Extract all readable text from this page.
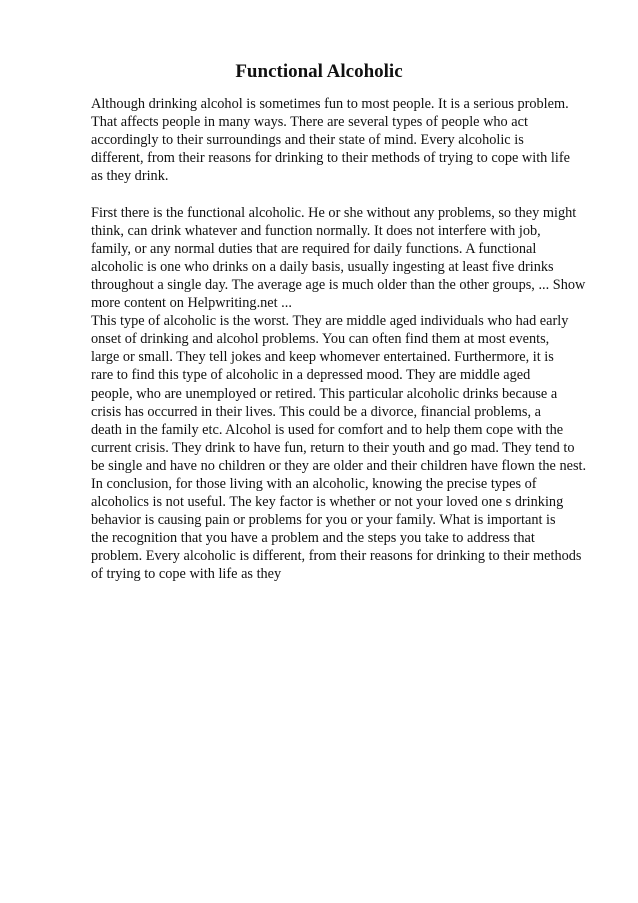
Functional Alcoholic
Although drinking alcohol is sometimes fun to most people. It is a serious problem.
That affects people in many ways. There are several types of people who act
accordingly to their surroundings and their state of mind. Every alcoholic is
different, from their reasons for drinking to their methods of trying to cope with life
as they drink.
First there is the functional alcoholic. He or she without any problems, so they might
think, can drink whatever and function normally. It does not interfere with job,
family, or any normal duties that are required for daily functions. A functional
alcoholic is one who drinks on a daily basis, usually ingesting at least five drinks
throughout a single day. The average age is much older than the other groups, ... Show
more content on Helpwriting.net ...
This type of alcoholic is the worst. They are middle aged individuals who had early
onset of drinking and alcohol problems. You can often find them at most events,
large or small. They tell jokes and keep whomever entertained. Furthermore, it is
rare to find this type of alcoholic in a depressed mood. They are middle aged
people, who are unemployed or retired. This particular alcoholic drinks because a
crisis has occurred in their lives. This could be a divorce, financial problems, a
death in the family etc. Alcohol is used for comfort and to help them cope with the
current crisis. They drink to have fun, return to their youth and go mad. They tend to
be single and have no children or they are older and their children have flown the nest.
In conclusion, for those living with an alcoholic, knowing the precise types of
alcoholics is not useful. The key factor is whether or not your loved one s drinking
behavior is causing pain or problems for you or your family. What is important is
the recognition that you have a problem and the steps you take to address that
problem. Every alcoholic is different, from their reasons for drinking to their methods
of trying to cope with life as they
